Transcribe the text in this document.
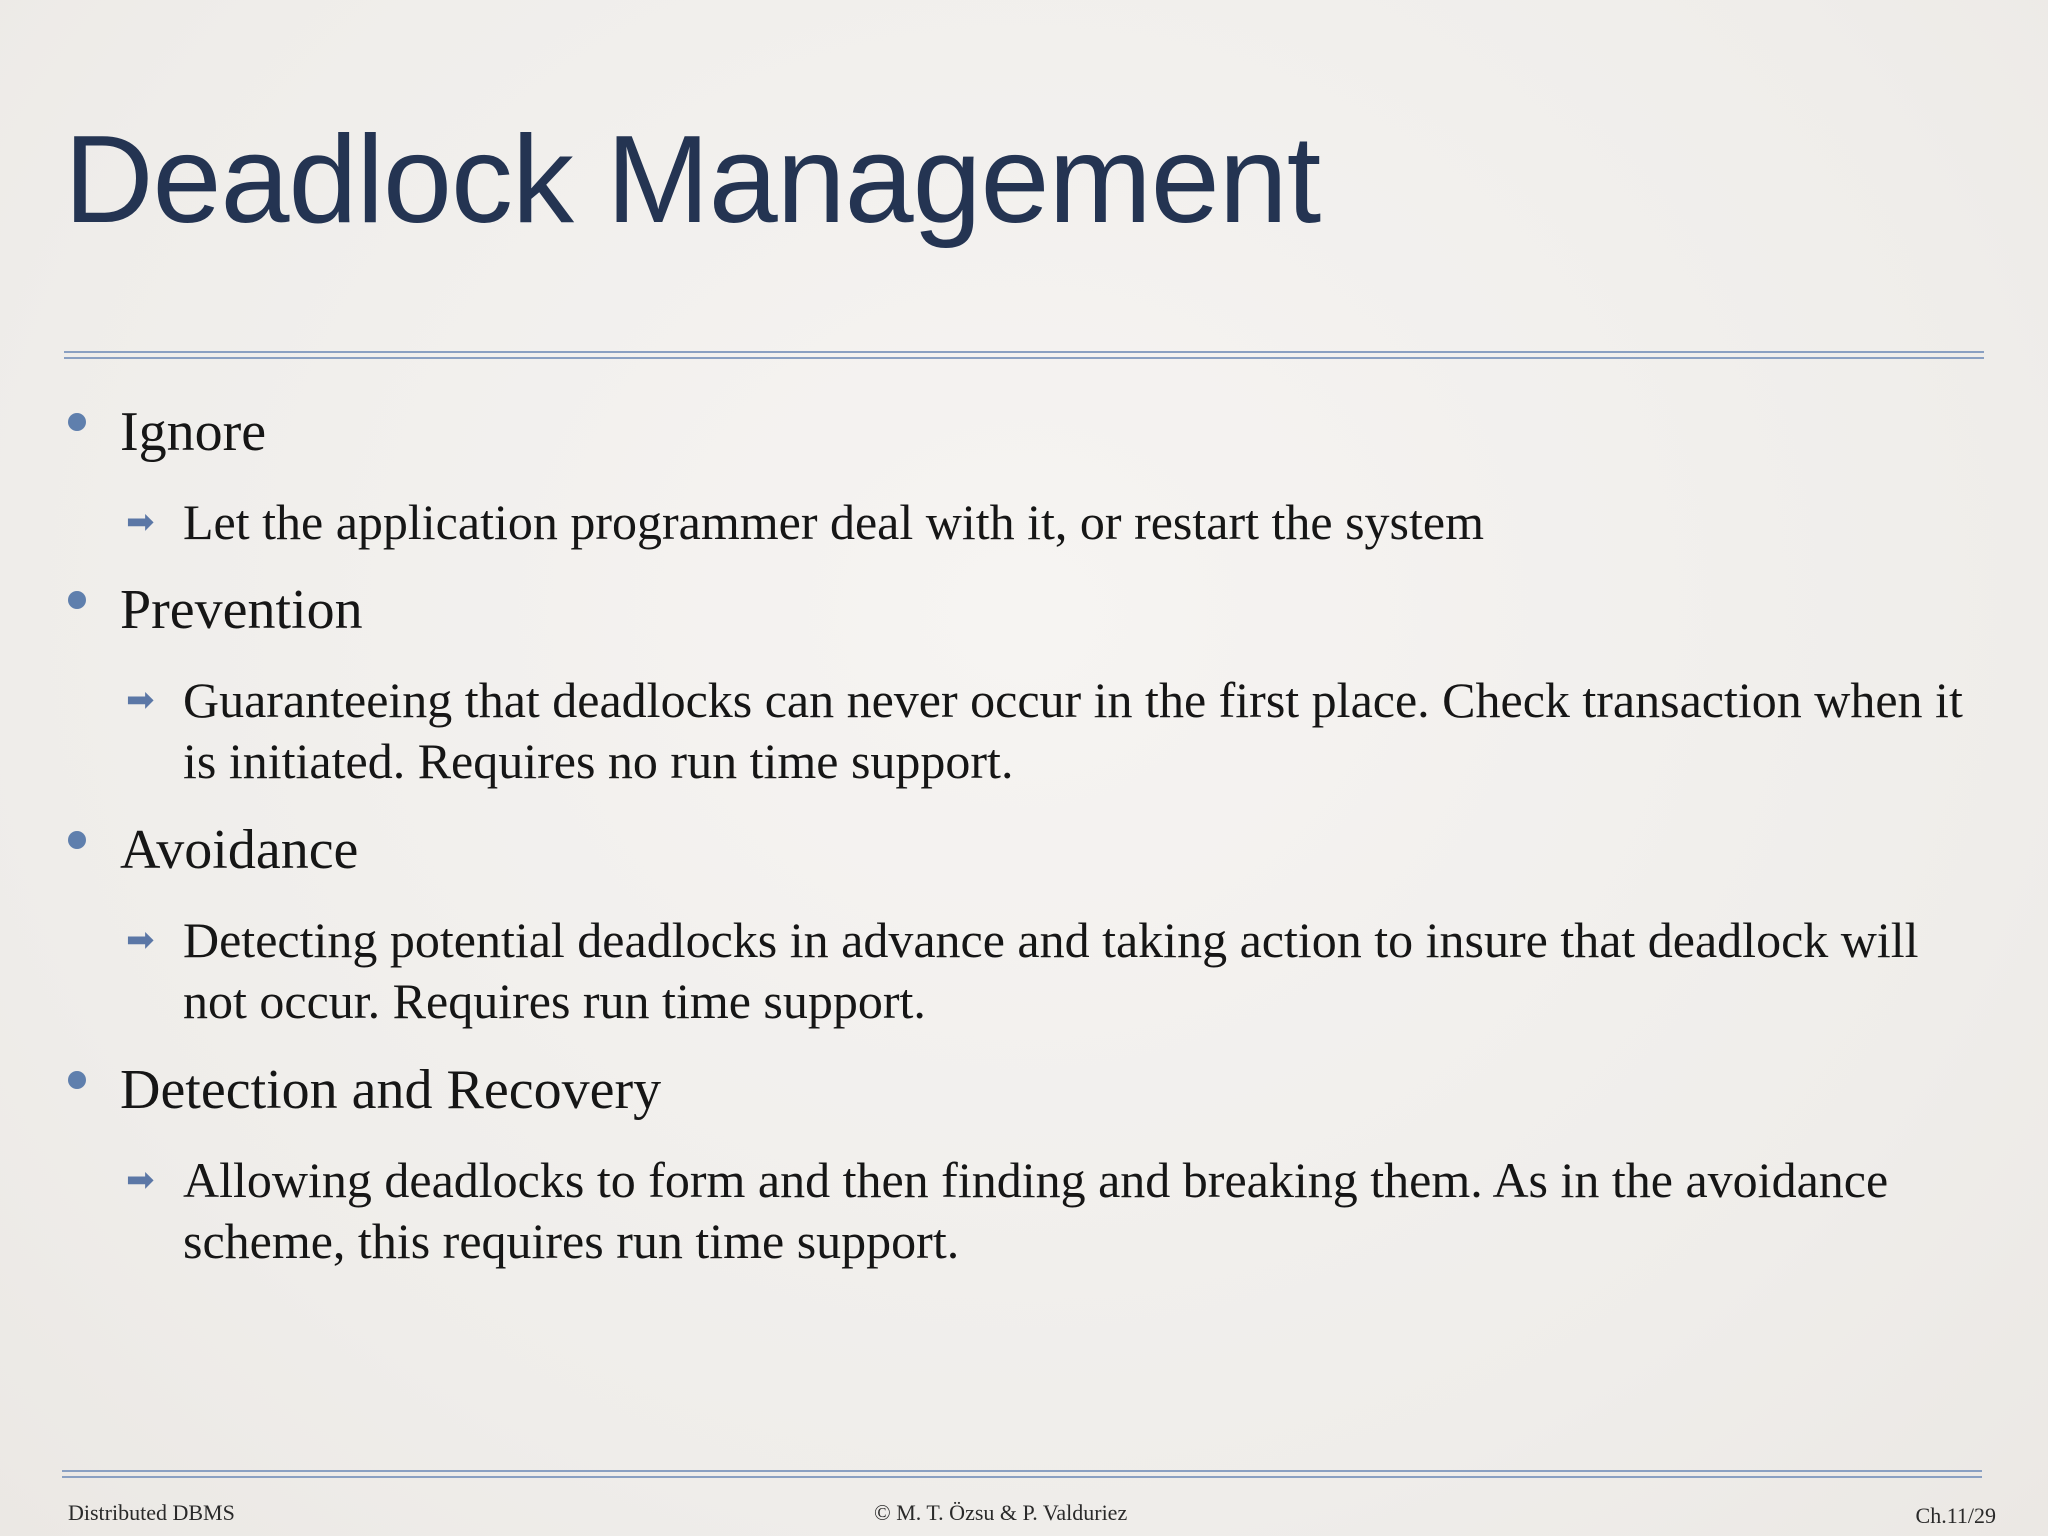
Deadlock Management
Ignore
➡ Let the application programmer deal with it, or restart the system
Prevention
➡ Guaranteeing that deadlocks can never occur in the first place. Check transaction when it is initiated. Requires no run time support.
Avoidance
➡ Detecting potential deadlocks in advance and taking action to insure that deadlock will not occur. Requires run time support.
Detection and Recovery
➡ Allowing deadlocks to form and then finding and breaking them. As in the avoidance scheme, this requires run time support.
Distributed DBMS	© M. T. Özsu & P. Valduriez	Ch.11/29
